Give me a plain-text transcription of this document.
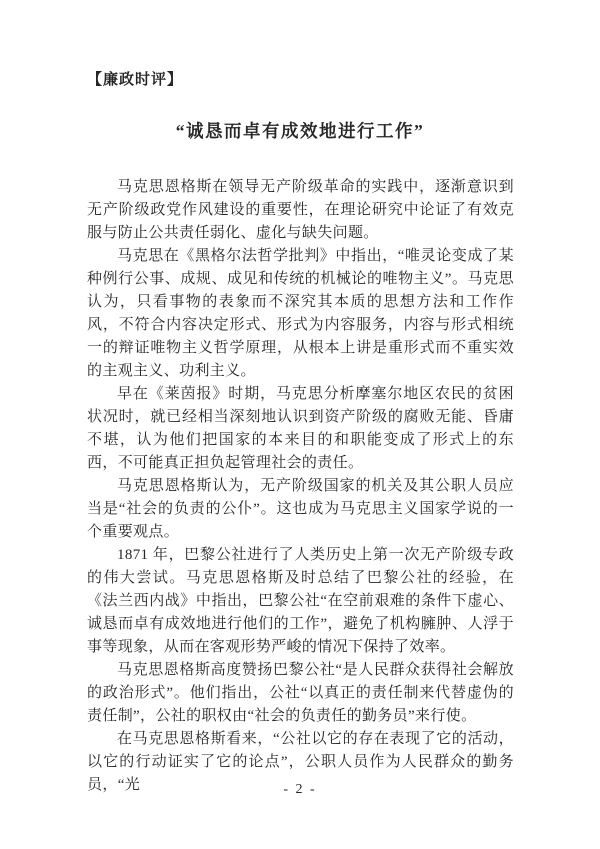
【廉政时评】
“诚恳而卓有成效地进行工作”

马克思恩格斯在领导无产阶级革命的实践中，逐渐意识到无产阶级政党作风建设的重要性，在理论研究中论证了有效克服与防止公共责任弱化、虚化与缺失问题。

马克思在《黑格尔法哲学批判》中指出，“唯灵论变成了某种例行公事、成规、成见和传统的机械论的唯物主义”。马克思认为，只看事物的表象而不深究其本质的思想方法和工作作风，不符合内容决定形式、形式为内容服务，内容与形式相统一的辩证唯物主义哲学原理，从根本上讲是重形式而不重实效的主观主义、功利主义。

早在《莱茵报》时期，马克思分析摩塞尔地区农民的贫困状况时，就已经相当深刻地认识到资产阶级的腐败无能、昏庸不堪，认为他们把国家的本来目的和职能变成了形式上的东西，不可能真正担负起管理社会的责任。

马克思恩格斯认为，无产阶级国家的机关及其公职人员应当是“社会的负责的公仆”。这也成为马克思主义国家学说的一个重要观点。

1871 年，巴黎公社进行了人类历史上第一次无产阶级专政的伟大尝试。马克思恩格斯及时总结了巴黎公社的经验，在《法兰西内战》中指出，巴黎公社“在空前艰难的条件下虚心、诚恳而卓有成效地进行他们的工作”，避免了机构臃肿、人浮于事等现象，从而在客观形势严峻的情况下保持了效率。

马克思恩格斯高度赞扬巴黎公社“是人民群众获得社会解放的政治形式”。他们指出，公社“以真正的责任制来代替虚伪的责任制”，公社的职权由“社会的负责任的勤务员”来行使。

在马克思恩格斯看来，“公社以它的存在表现了它的活动，以它的行动证实了它的论点”，公职人员作为人民群众的勤务员，“光	- 2 -
